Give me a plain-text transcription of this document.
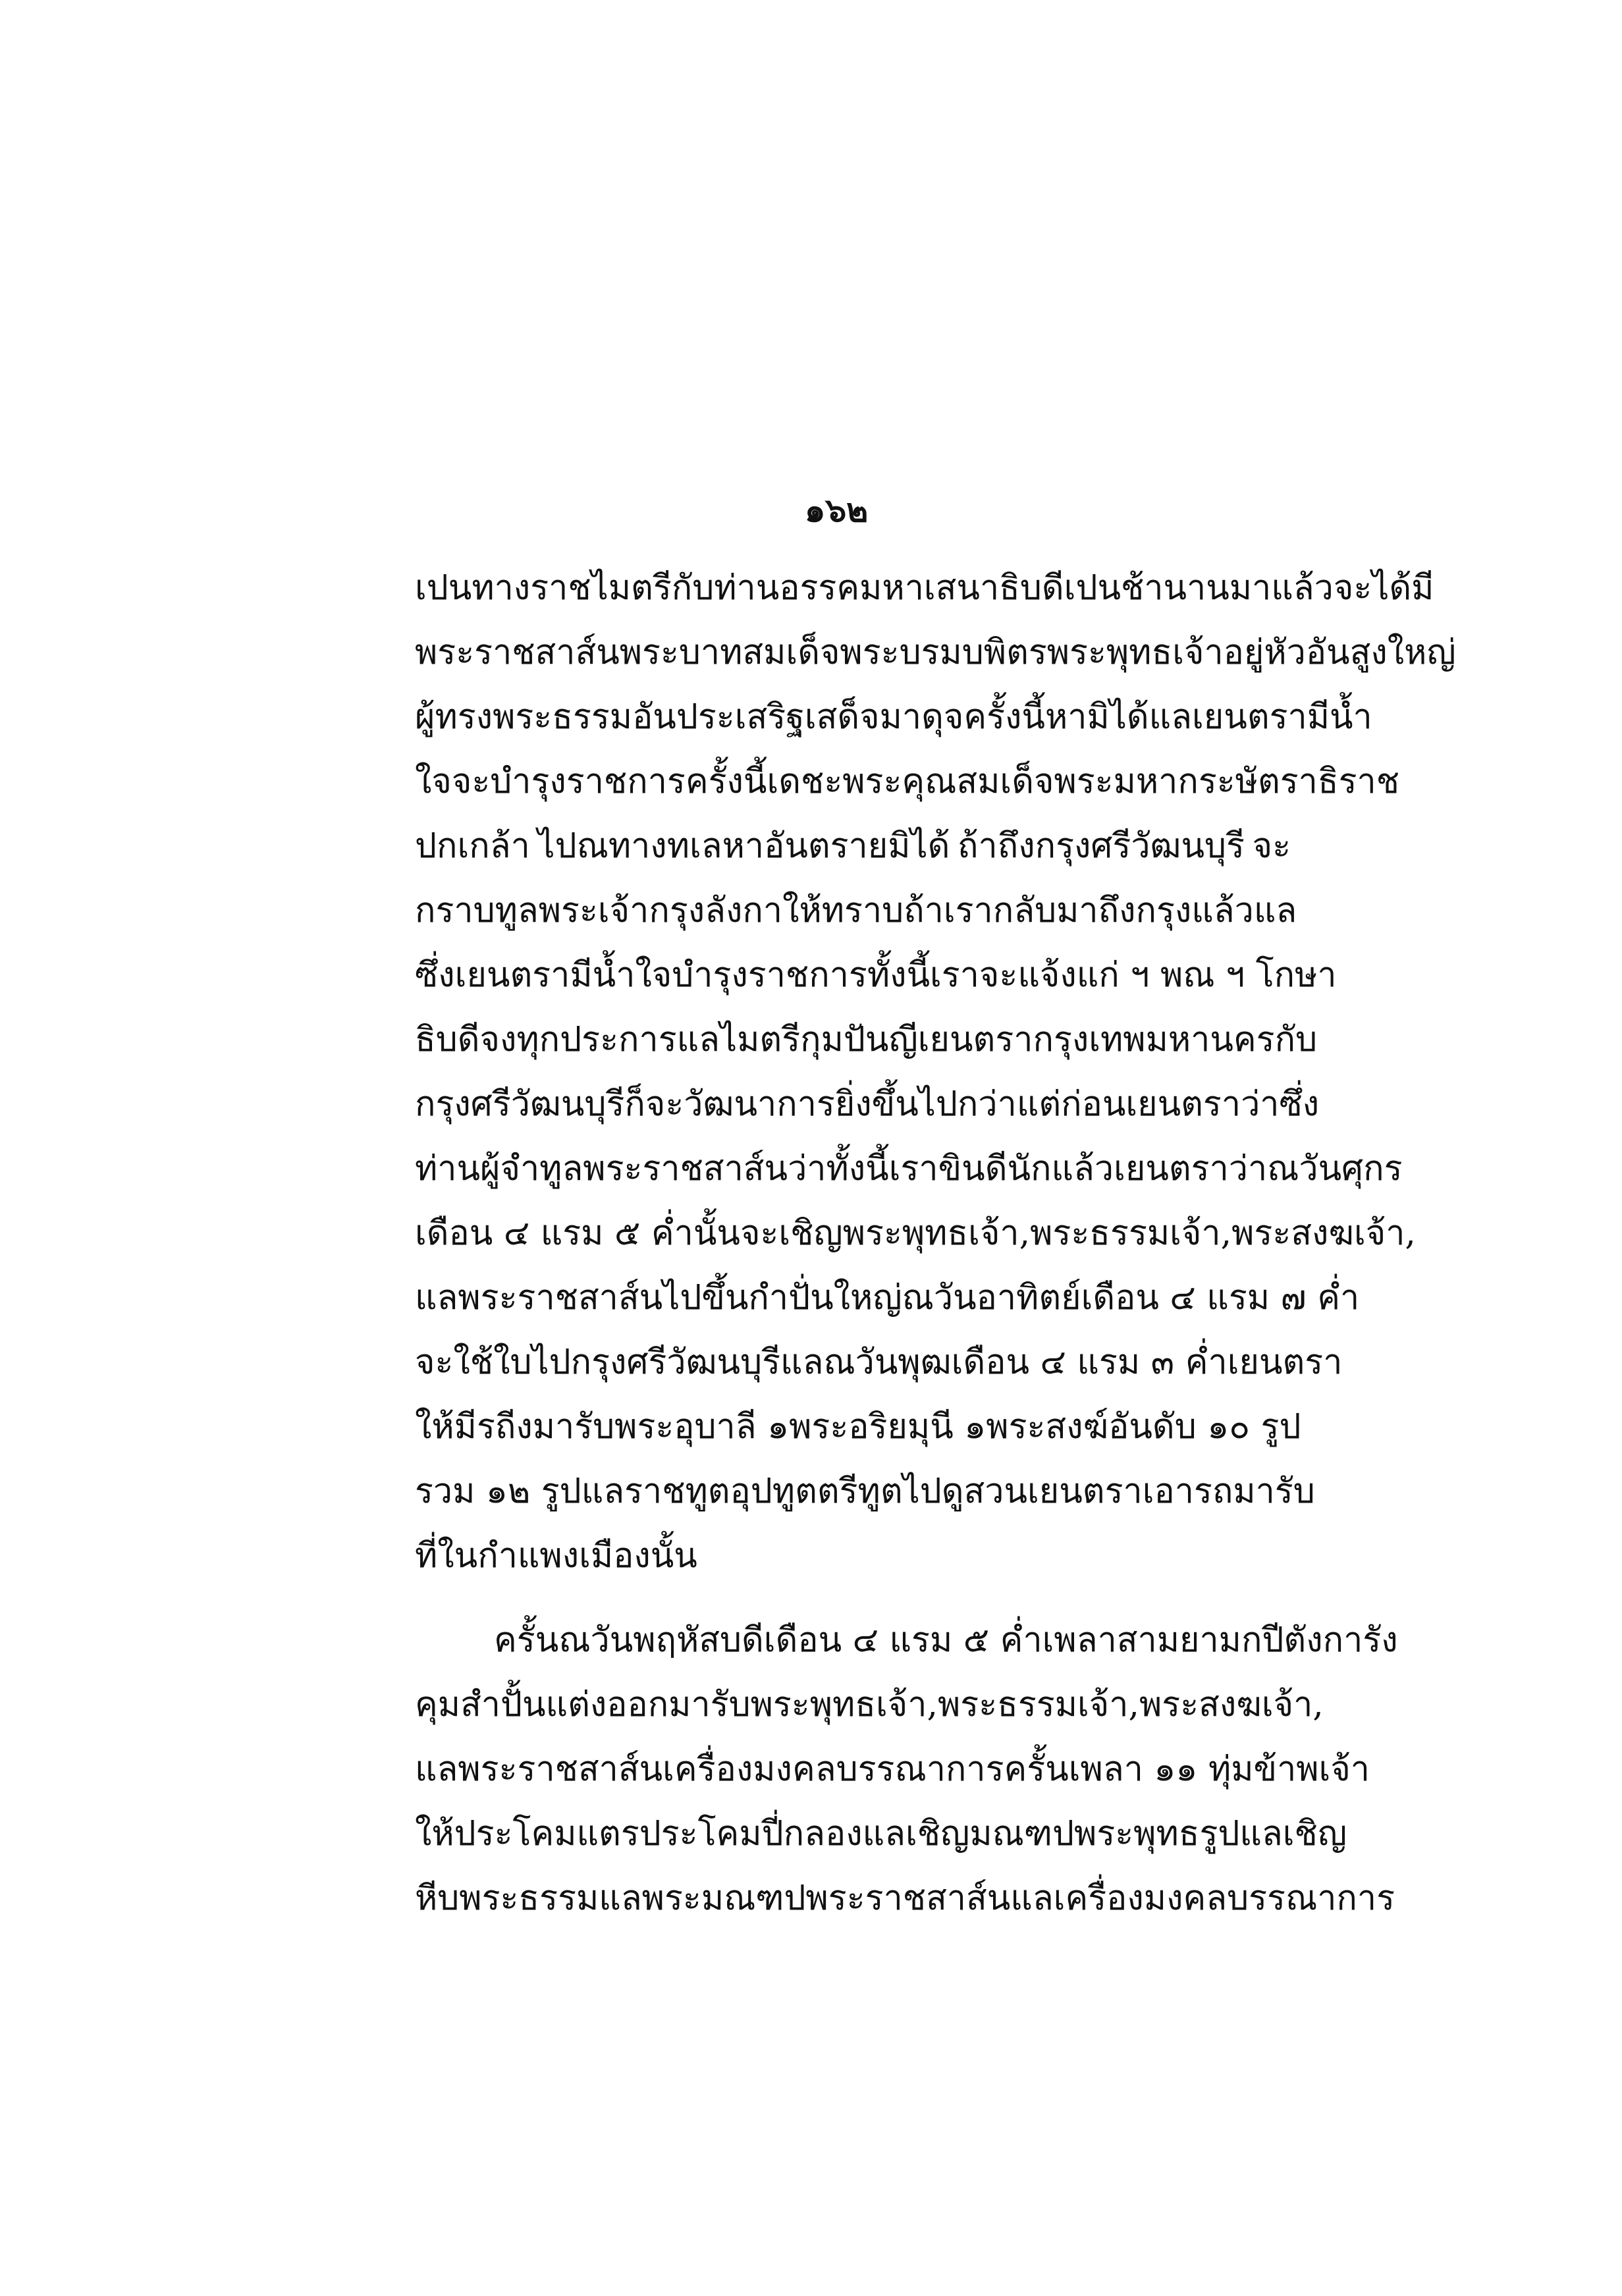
๑๖๒
เปนทางราชไมตรีกับท่านอรรคมหาเสนาธิบดีเปนช้านานมาแล้ว จะได้มี
พระราชสาส์นพระบาทสมเด็จพระบรมบพิตรพระพุทธเจ้าอยู่หัวอันสูงใหญ่
ผู้ทรงพระธรรมอันประเสริฐ เสด็จมาดุจครั้งนี้หามิได้ แลเยนตรามีน้ำ
ใจจะบำรุงราชการครั้งนี้ เดชะพระคุณสมเด็จพระมหากระษัตราธิราช
ปกเกล้า ไปณทางทเลหาอันตรายมิได้ ถ้าถึงกรุงศรีวัฒนบุรี จะ
กราบทูลพระเจ้ากรุงลังกาให้ทราบ ถ้าเรากลับมาถึงกรุงแล้ว แล
ซึ่งเยนตรามีน้ำใจบำรุงราชการทั้งนี้ เราจะแจ้งแก่ ฯ พณ ฯ โกษา
ธิบดีจงทุกประการ แลไมตรีกุมปันญีเยนตรา กรุงเทพมหานคร กับ
กรุงศรีวัฒนบุรี ก็จะวัฒนาการยิ่งขึ้นไปกว่าแต่ก่อน เยนตราว่าซึ่ง
ท่านผู้จำทูลพระราชสาส์นว่าทั้งนี้เราขินดีนัก แล้วเยนตราว่า ณวันศุกร
เดือน ๔ แรม ๕ ค่ำนั้นจะเชิญ พระพุทธเจ้า, พระธรรมเจ้า, พระสงฆเจ้า,
แลพระราชสาส์นไปขึ้นกำปั่นใหญ่ ณวันอาทิตย์เดือน ๔ แรม ๗ ค่ำ
จะใช้ใบไปกรุงศรีวัฒนบุรี แลณวันพุฒเดือน ๔ แรม ๓ ค่ำ เยนตรา
ให้มีรถีงมารับ พระอุบาลี ๑ พระอริยมุนี ๑ พระสงฆ์อันดับ ๑๐ รูป
รวม ๑๒ รูป แลราชทูต อุปทูต ตรีทูตไปดูสวน เยนตราเอารถมารับ
ที่ในกำแพงเมืองนั้น
ครั้นณวันพฤหัสบดีเดือน ๔ แรม ๕ ค่ำเพลาสามยาม กปีตังการัง
คุมสำปั้นแต่งออกมารับ พระพุทธเจ้า, พระธรรมเจ้า, พระสงฆเจ้า,
แลพระราชสาส์นเครื่องมงคลบรรณาการ ครั้นเพลา ๑๑ ทุ่มข้าพเจ้า
ให้ประโคมแตรประโคมปี่กลอง แลเชิญมณฑปพระพุทธรูป แลเชิญ
หีบพระธรรม แลพระมณฑปพระราชสาส์น แลเครื่องมงคลบรรณาการ
